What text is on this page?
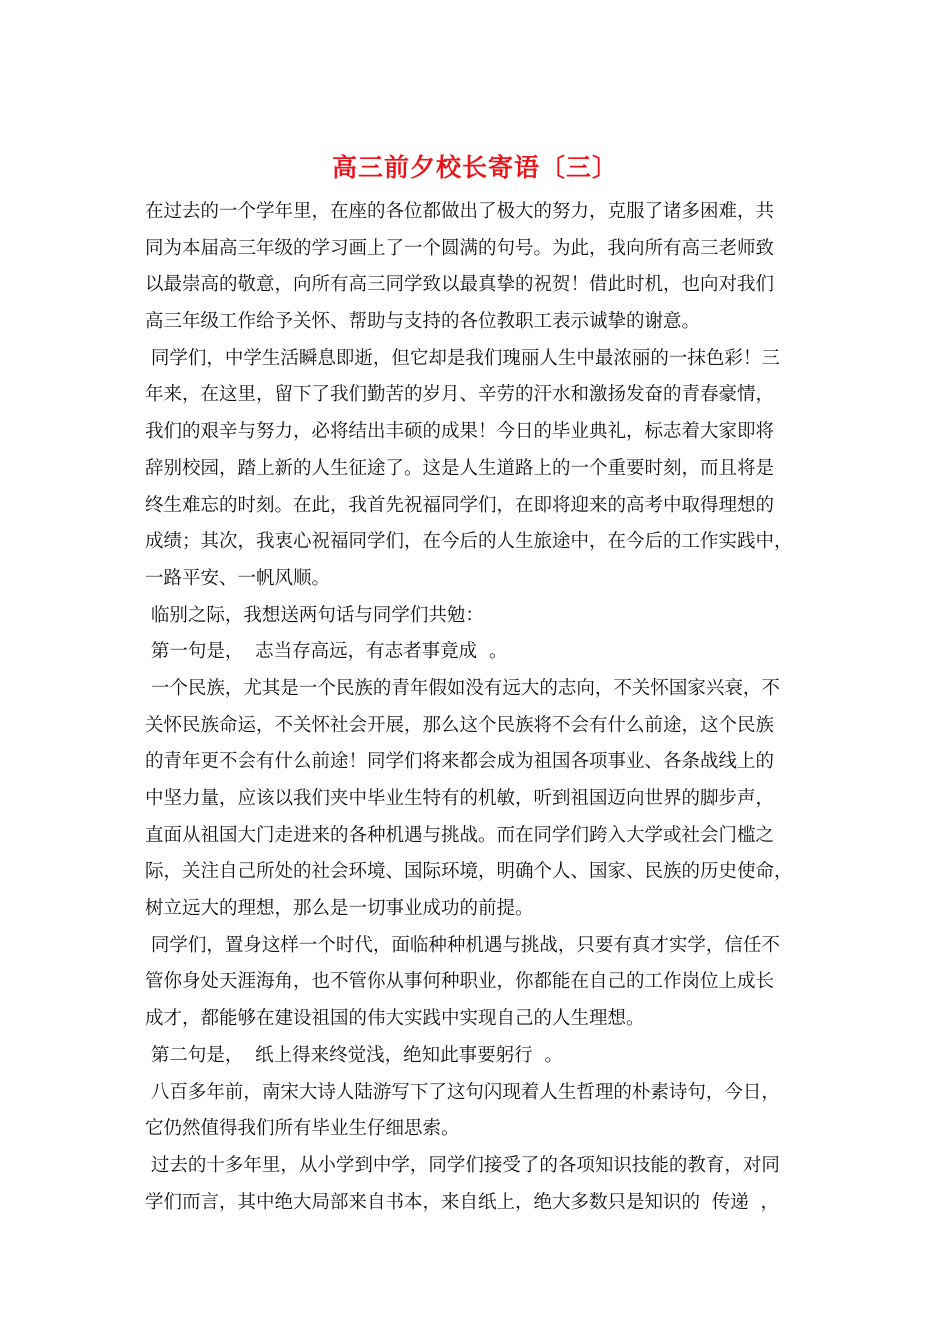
高三前夕校长寄语〔三〕
在过去的一个学年里，在座的各位都做出了极大的努力，克服了诸多困难，共
同为本届高三年级的学习画上了一个圆满的句号。为此，我向所有高三老师致
以最崇高的敬意，向所有高三同学致以最真挚的祝贺！借此时机，也向对我们
高三年级工作给予关怀、帮助与支持的各位教职工表示诚挚的谢意。
同学们，中学生活瞬息即逝，但它却是我们瑰丽人生中最浓丽的一抹色彩！三
年来，在这里，留下了我们勤苦的岁月、辛劳的汗水和激扬发奋的青春豪情，
我们的艰辛与努力，必将结出丰硕的成果！今日的毕业典礼，标志着大家即将
辞别校园，踏上新的人生征途了。这是人生道路上的一个重要时刻，而且将是
终生难忘的时刻。在此，我首先祝福同学们，在即将迎来的高考中取得理想的
成绩；其次，我衷心祝福同学们，在今后的人生旅途中，在今后的工作实践中，
一路平安、一帆风顺。
临别之际，我想送两句话与同学们共勉：
第一句是，  志当存高远，有志者事竟成  。
一个民族，尤其是一个民族的青年假如没有远大的志向，不关怀国家兴衰，不
关怀民族命运，不关怀社会开展，那么这个民族将不会有什么前途，这个民族
的青年更不会有什么前途！同学们将来都会成为祖国各项事业、各条战线上的
中坚力量，应该以我们夹中毕业生特有的机敏，听到祖国迈向世界的脚步声，
直面从祖国大门走进来的各种机遇与挑战。而在同学们跨入大学或社会门槛之
际，关注自己所处的社会环境、国际环境，明确个人、国家、民族的历史使命，
树立远大的理想，那么是一切事业成功的前提。
同学们，置身这样一个时代，面临种种机遇与挑战，只要有真才实学，信任不
管你身处天涯海角，也不管你从事何种职业，你都能在自己的工作岗位上成长
成才，都能够在建设祖国的伟大实践中实现自己的人生理想。
第二句是，  纸上得来终觉浅，绝知此事要躬行  。
八百多年前，南宋大诗人陆游写下了这句闪现着人生哲理的朴素诗句，今日，
它仍然值得我们所有毕业生仔细思索。
过去的十多年里，从小学到中学，同学们接受了的各项知识技能的教育，对同
学们而言，其中绝大局部来自书本，来自纸上，绝大多数只是知识的  传递  ，
